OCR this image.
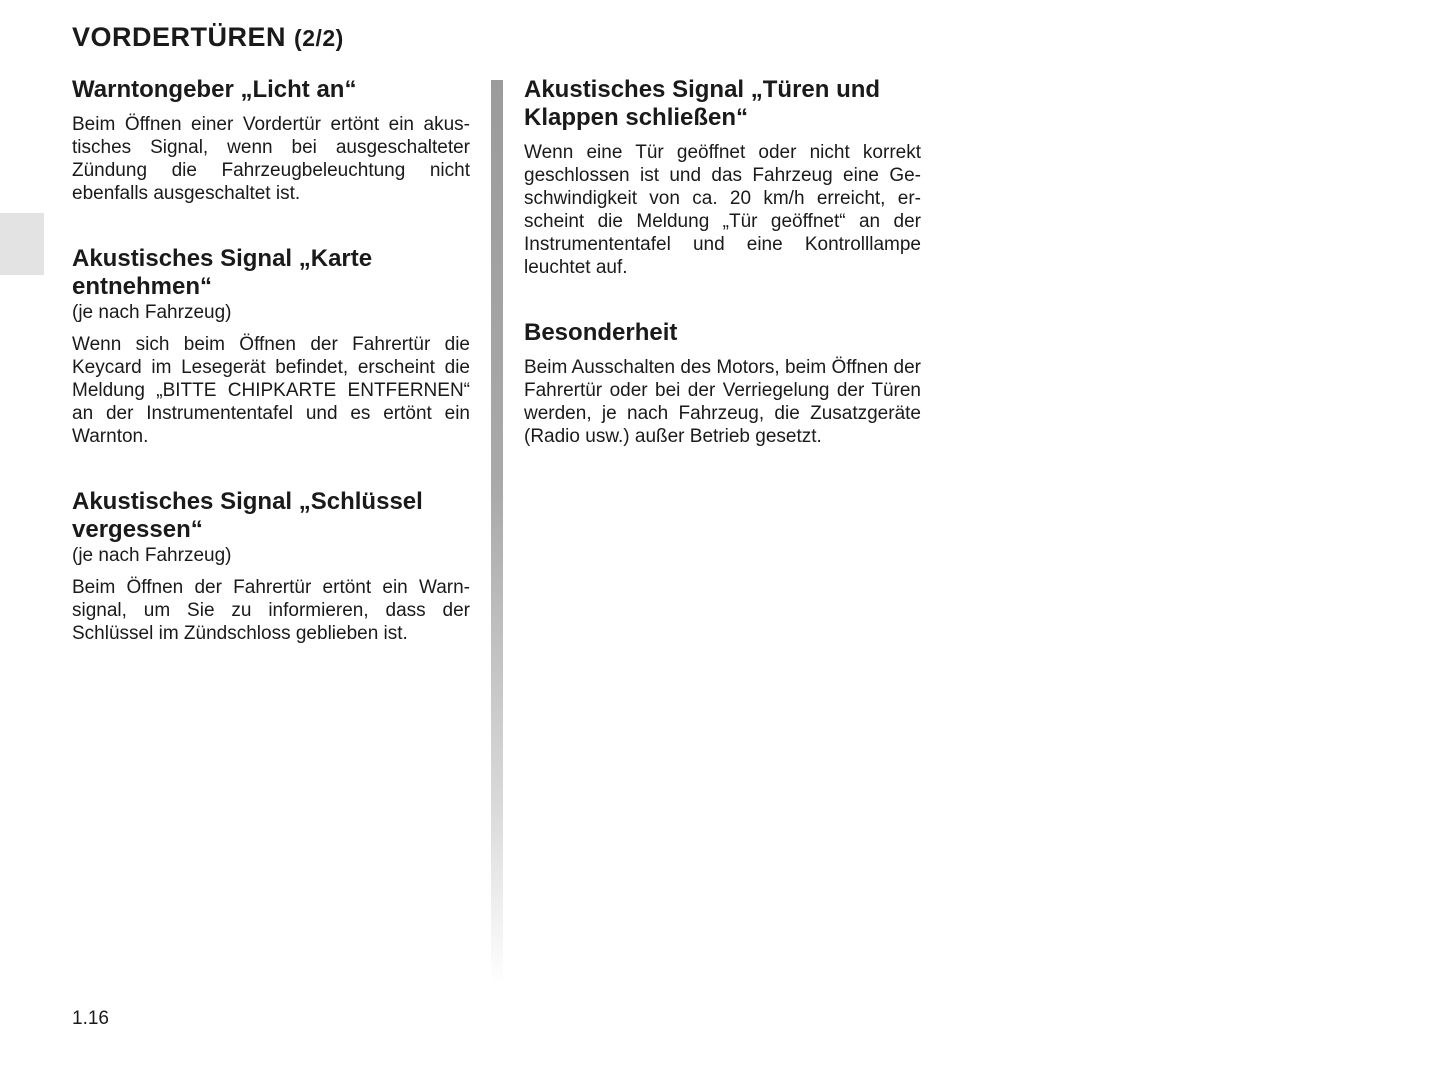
VORDERTÜREN (2/2)
Warntongeber „Licht an“

Beim Öffnen einer Vordertür ertönt ein akustisches Signal, wenn bei ausgeschalteter Zündung die Fahrzeugbeleuchtung nicht ebenfalls ausgeschaltet ist.

Akustisches Signal „Karte entnehmen“

(je nach Fahrzeug)

Wenn sich beim Öffnen der Fahrertür die Keycard im Lesegerät befindet, erscheint die Meldung „BITTE CHIPKARTE ENTFERNEN“ an der Instrumententafel und es ertönt ein Warnton.

Akustisches Signal „Schlüssel vergessen“

(je nach Fahrzeug)

Beim Öffnen der Fahrertür ertönt ein Warnsignal, um Sie zu informieren, dass der Schlüssel im Zündschloss geblieben ist.

Akustisches Signal „Türen und Klappen schließen“

Wenn eine Tür geöffnet oder nicht korrekt geschlossen ist und das Fahrzeug eine Geschwindigkeit von ca. 20 km/h erreicht, erscheint die Meldung „Tür geöffnet“ an der Instrumententafel und eine Kontrolllampe leuchtet auf.

Besonderheit

Beim Ausschalten des Motors, beim Öffnen der Fahrertür oder bei der Verriegelung der Türen werden, je nach Fahrzeug, die Zusatzgeräte (Radio usw.) außer Betrieb gesetzt.

1.16
